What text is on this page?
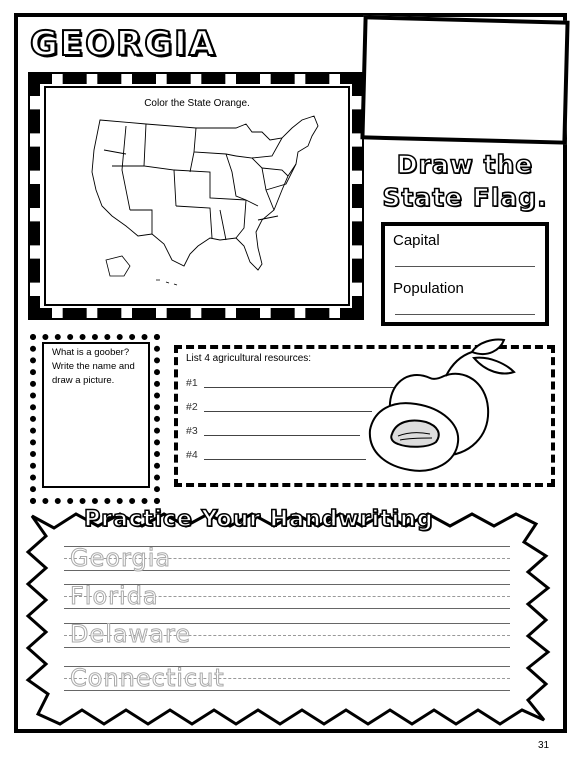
GEORGIA
Draw the
State Flag.
Color the State Orange.
Capital
Population
What is a goober? Write the name and draw a picture.
List 4 agricultural resources:
#1
#2
#3
#4
Practice Your Handwriting
Georgia
Florida
Delaware
Connecticut
31
